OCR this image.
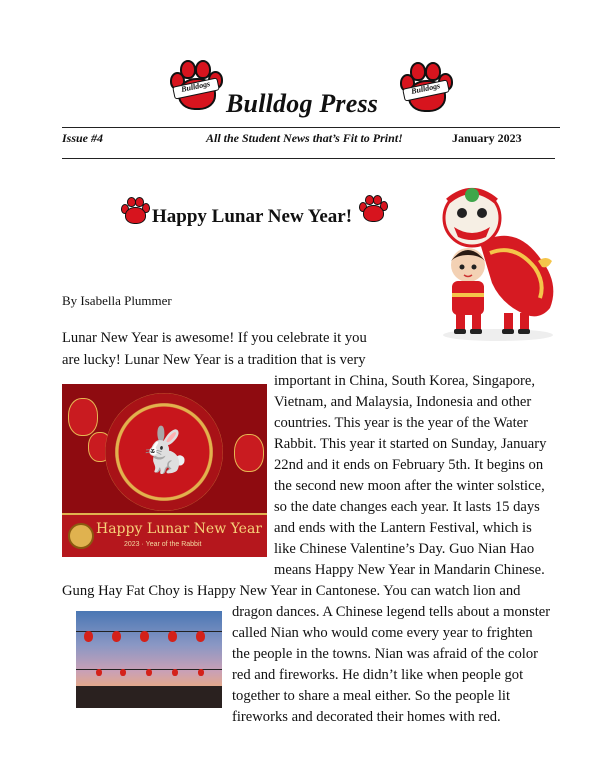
Bulldogs	Bulldogs
Bulldog Press
Issue #4	All the Student News that’s Fit to Print!	January 2023
Happy Lunar New Year!
By Isabella Plummer

Lunar New Year is awesome! If you celebrate it you

are lucky! Lunar New Year is a tradition that is very

important in China, South Korea, Singapore,

Vietnam, and Malaysia, Indonesia and other

countries. This year is the year of the Water

Rabbit. This year it started on Sunday, January

22nd and it ends on February 5th. It begins on

the second new moon after the winter solstice,

so the date changes each year. It lasts 15 days

and ends with the Lantern Festival, which is

like Chinese Valentine’s Day. Guo Nian Hao

means Happy New Year in Mandarin Chinese.

Gung Hay Fat Choy is Happy New Year in Cantonese. You can watch lion and

dragon dances. A Chinese legend tells about a monster

called Nian who would come every year to frighten

the people in the towns. Nian was afraid of the color

red and fireworks. He didn’t like when people got

together to share a meal either. So the people lit

fireworks and decorated their homes with red.

🐇
Happy Lunar New Year
2023 · Year of the Rabbit
